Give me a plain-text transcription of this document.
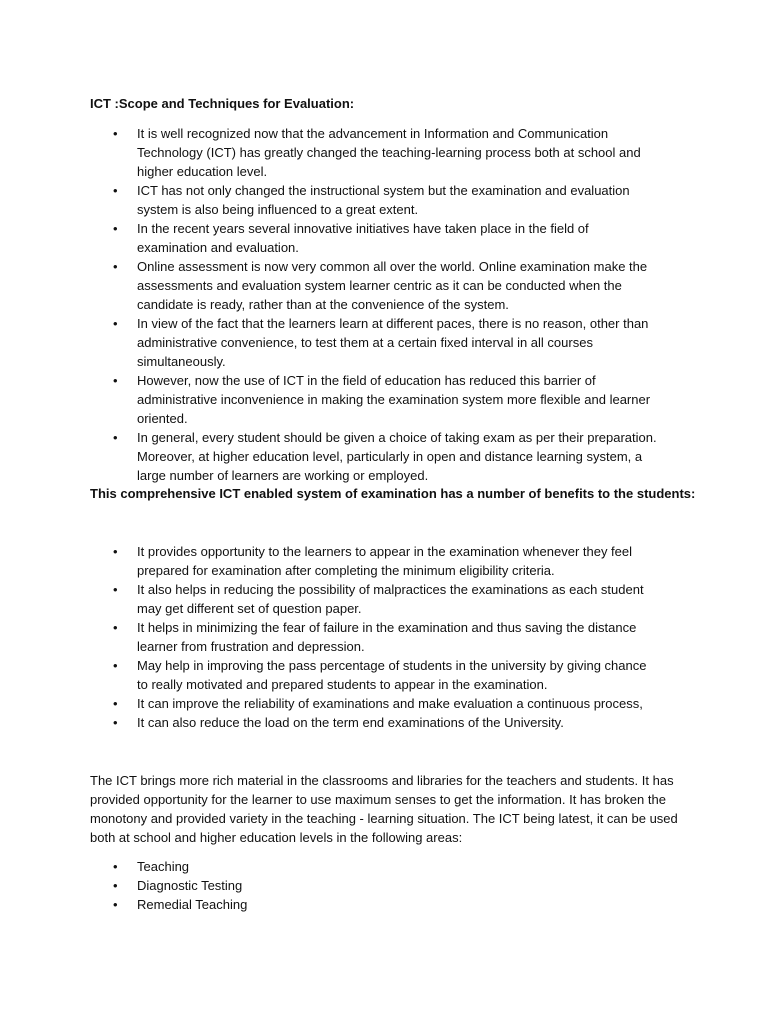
ICT :Scope and Techniques for Evaluation:

• It is well recognized now that the advancement in Information and Communication Technology (ICT) has greatly changed the teaching-learning process both at school and higher education level.
• ICT has not only changed the instructional system but the examination and evaluation system is also being influenced to a great extent.
• In the recent years several innovative initiatives have taken place in the field of examination and evaluation.
• Online assessment is now very common all over the world. Online examination make the assessments and evaluation system learner centric as it can be conducted when the candidate is ready, rather than at the convenience of the system.
• In view of the fact that the learners learn at different paces, there is no reason, other than administrative convenience, to test them at a certain fixed interval in all courses simultaneously.
• However, now the use of ICT in the field of education has reduced this barrier of administrative inconvenience in making the examination system more flexible and learner oriented.
• In general, every student should be given a choice of taking exam as per their preparation. Moreover, at higher education level, particularly in open and distance learning system, a large number of learners are working or employed.

This comprehensive ICT enabled system of examination has a number of benefits to the students:

• It provides opportunity to the learners to appear in the examination whenever they feel prepared for examination after completing the minimum eligibility criteria.
• It also helps in reducing the possibility of malpractices the examinations as each student may get different set of question paper.
• It helps in minimizing the fear of failure in the examination and thus saving the distance learner from frustration and depression.
• May help in improving the pass percentage of students in the university by giving chance to really motivated and prepared students to appear in the examination.
• It can improve the reliability of examinations and make evaluation a continuous process,
• It can also reduce the load on the term end examinations of the University.

The ICT brings more rich material in the classrooms and libraries for the teachers and students. It has provided opportunity for the learner to use maximum senses to get the information. It has broken the monotony and provided variety in the teaching - learning situation. The ICT being latest, it can be used both at school and higher education levels in the following areas:

• Teaching
• Diagnostic Testing
• Remedial Teaching
